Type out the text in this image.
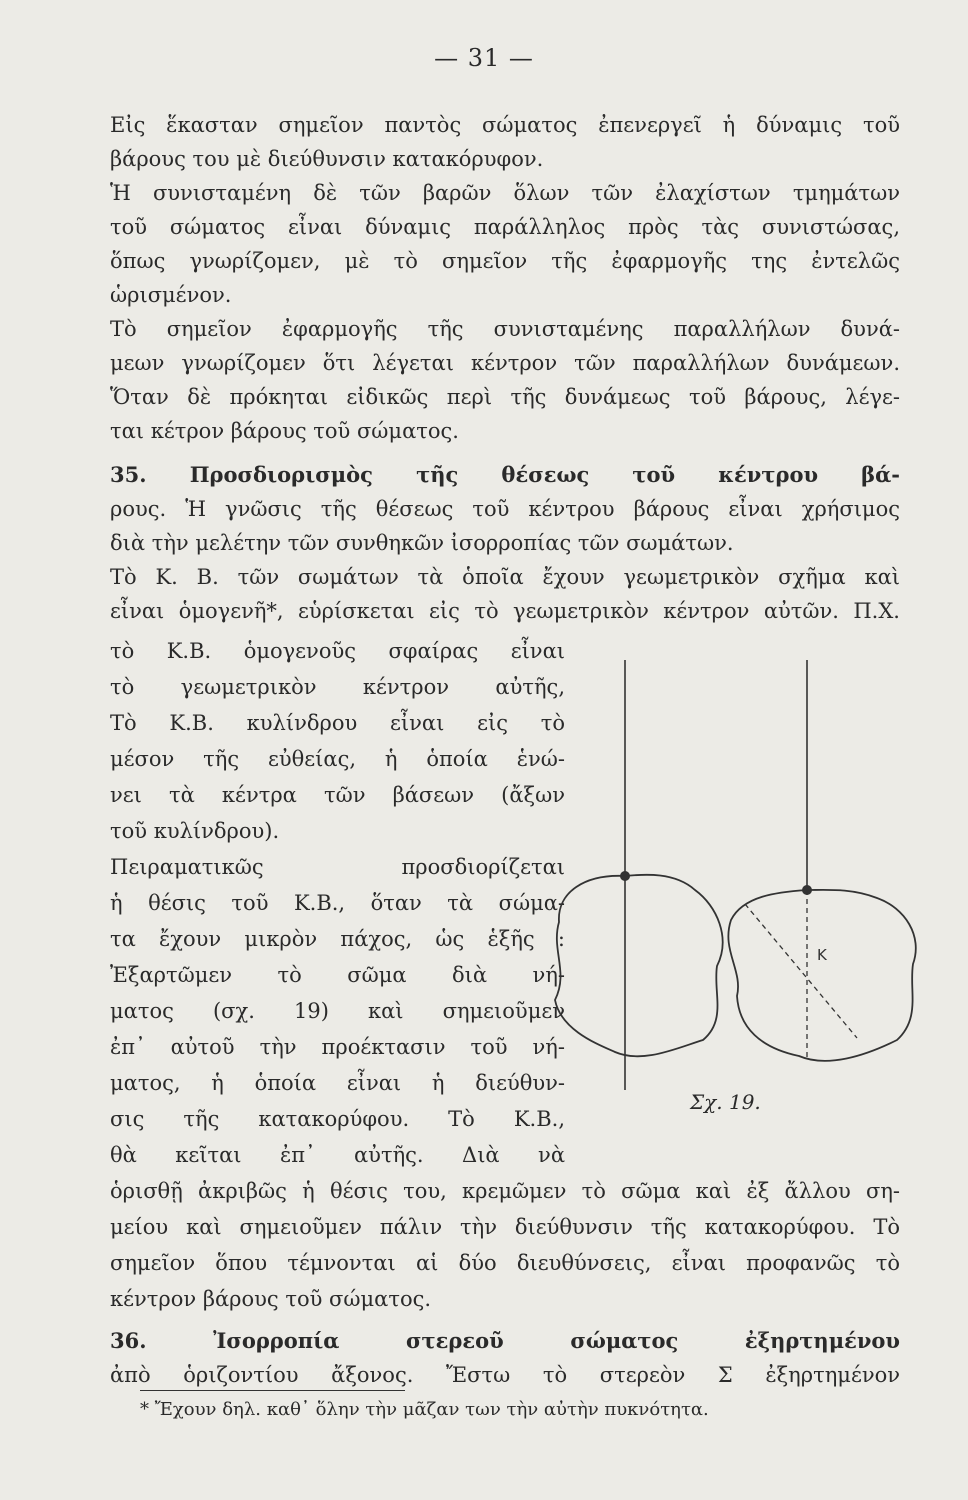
— 31 —
Εἰς ἕκασταν σημεῖον παντὸς σώματος ἐπενεργεῖ ἡ δύναμις τοῦ
βάρους του μὲ διεύθυνσιν κατακόρυφον.
Ἡ συνισταμένη δὲ τῶν βαρῶν ὅλων τῶν ἐλαχίστων τμημάτων
τοῦ σώματος εἶναι δύναμις παράλληλος πρὸς τὰς συνιστώσας,
ὅπως γνωρίζομεν, μὲ τὸ σημεῖον τῆς ἐφαρμογῆς της ἐντελῶς
ὡρισμένον.
Τὸ σημεῖον ἐφαρμογῆς τῆς συνισταμένης παραλλήλων δυνά-
μεων γνωρίζομεν ὅτι λέγεται κέντρον τῶν παραλλήλων δυνάμεων.
Ὅταν δὲ πρόκηται εἰδικῶς περὶ τῆς δυνάμεως τοῦ βάρους, λέγε-
ται κέτρον βάρους τοῦ σώματος.
35. Προσδιορισμὸς τῆς θέσεως τοῦ κέντρου βά-
ρους. Ἡ γνῶσις τῆς θέσεως τοῦ κέντρου βάρους εἶναι χρήσιμος
διὰ τὴν μελέτην τῶν συνθηκῶν ἰσορροπίας τῶν σωμάτων.
Τὸ Κ. Β. τῶν σωμάτων τὰ ὁποῖα ἔχουν γεωμετρικὸν σχῆμα καὶ
εἶναι ὁμογενῆ*, εὑρίσκεται εἰς τὸ γεωμετρικὸν κέντρον αὐτῶν. Π.Χ.
τὸ Κ.Β. ὁμογενοῦς σφαίρας εἶναι
τὸ γεωμετρικὸν κέντρον αὐτῆς,
Τὸ Κ.Β. κυλίνδρου εἶναι εἰς τὸ
μέσον τῆς εὐθείας, ἡ ὁποία ἑνώ-
νει τὰ κέντρα τῶν βάσεων (ἄξων
τοῦ κυλίνδρου).
Πειραματικῶς προσδιορίζεται
ἡ θέσις τοῦ Κ.Β., ὅταν τὰ σώμα-
τα ἔχουν μικρὸν πάχος, ὡς ἑξῆς :
Ἐξαρτῶμεν τὸ σῶμα διὰ νή-
ματος (σχ. 19) καὶ σημειοῦμεν
ἐπ᾽ αὐτοῦ τὴν προέκτασιν τοῦ νή-
ματος, ἡ ὁποία εἶναι ἡ διεύθυν-
σις τῆς κατακορύφου. Τὸ Κ.Β.,
θὰ κεῖται ἐπ᾽ αὐτῆς. Διὰ νὰ
ὁρισθῇ ἀκριβῶς ἡ θέσις του, κρεμῶμεν τὸ σῶμα καὶ ἐξ ἄλλου ση-
μείου καὶ σημειοῦμεν πάλιν τὴν διεύθυνσιν τῆς κατακορύφου. Τὸ
σημεῖον ὅπου τέμνονται αἱ δύο διευθύνσεις, εἶναι προφανῶς τὸ
κέντρον βάρους τοῦ σώματος.
36. Ἰσορροπία στερεοῦ σώματος ἐξηρτημένου
ἀπὸ ὁριζοντίου ἄξονος. Ἔστω τὸ στερεὸν Σ ἐξηρτημένον
K
Σχ. 19.
* Ἔχουν δηλ. καθ᾽ ὅλην τὴν μᾶζαν των τὴν αὐτὴν πυκνότητα.
